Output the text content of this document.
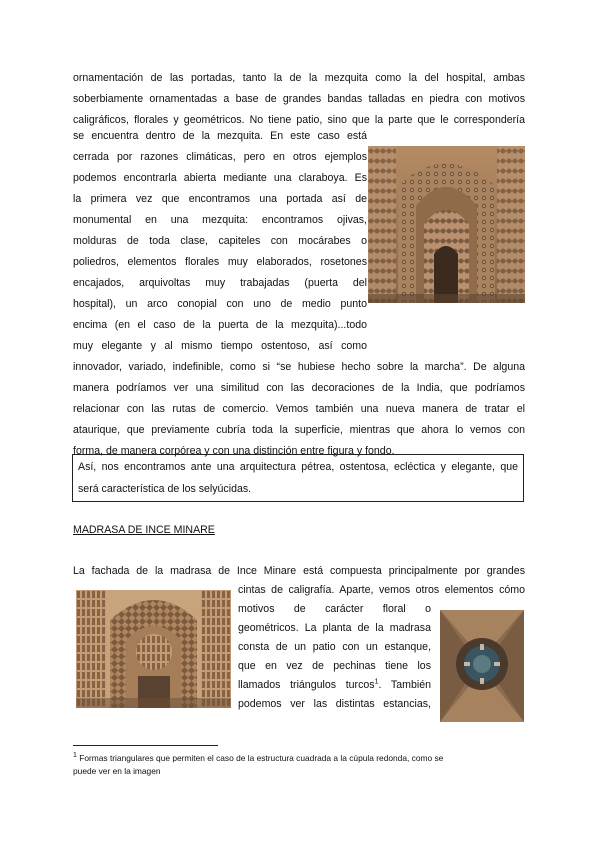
ornamentación de las portadas, tanto la de la mezquita como la del hospital, ambas
soberbiamente ornamentadas a base de grandes bandas talladas en piedra con motivos
caligráficos, florales y geométricos. No tiene patio, sino que la parte que le correspondería
se encuentra dentro de la mezquita. En este caso está
cerrada por razones climáticas, pero en otros ejemplos
podemos encontrarla abierta mediante una claraboya. Es
la primera vez que encontramos una portada así de
monumental en una mezquita: encontramos ojivas,
molduras de toda clase, capiteles con mocárabes o
poliedros, elementos florales muy elaborados, rosetones
encajados, arquivoltas muy trabajadas (puerta del
hospital), un arco conopial con uno de medio punto
encima (en el caso de la puerta de la mezquita)...todo
muy elegante y al mismo tiempo ostentoso, así como
innovador, variado, indefinible, como si “se hubiese hecho sobre la marcha”. De alguna
manera podríamos ver una similitud con las decoraciones de la India, que podríamos
relacionar con las rutas de comercio. Vemos también una nueva manera de tratar el
ataurique, que previamente cubría toda la superficie, mientras que ahora lo vemos con
forma, de manera corpórea y con una distinción entre figura y fondo.
Así, nos encontramos ante una arquitectura pétrea, ostentosa, ecléctica y elegante, que
será característica de los selyúcidas.
MADRASA DE INCE MINARE
La fachada de la madrasa de Ince Minare está compuesta principalmente por grandes
cintas de caligrafía. Aparte, vemos otros elementos cómo
motivos de carácter floral o
geométricos. La planta de la madrasa
consta de un patio con un estanque,
que en vez de pechinas tiene los
llamados triángulos turcos$^1$. También
podemos ver las distintas estancias,
$^1$ Formas triangulares que permiten el caso de la estructura cuadrada a la cúpula redonda, como se
puede ver en la imagen
